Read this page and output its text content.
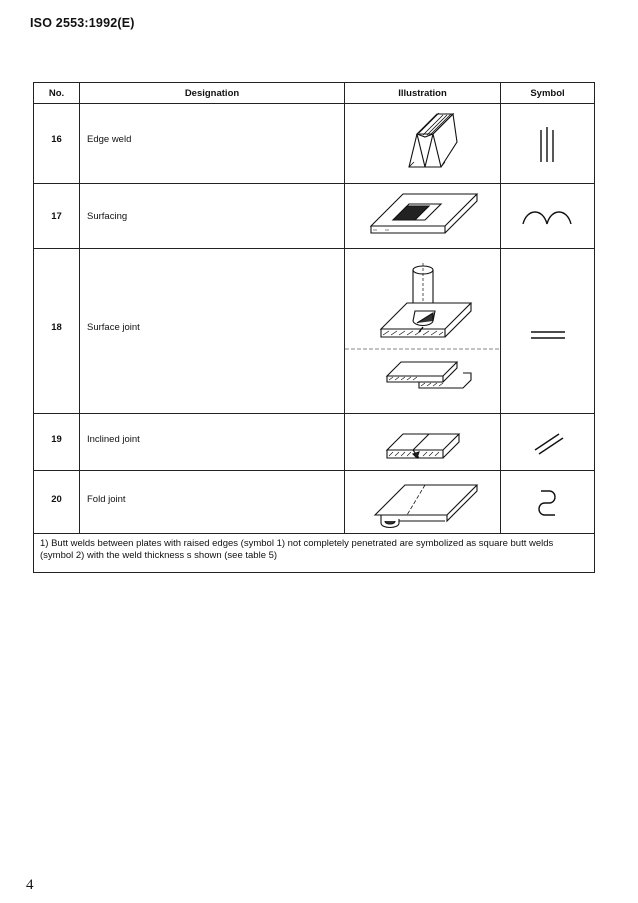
ISO 2553:1992(E)
No.	Designation	Illustration	Symbol

16	Edge weld

17	Surfacing

18	Surface joint

19	Inclined joint

20	Fold joint

1) Butt welds between plates with raised edges (symbol 1) not completely penetrated are symbolized as square butt welds (symbol 2) with the weld thickness s shown (see table 5)			
4
